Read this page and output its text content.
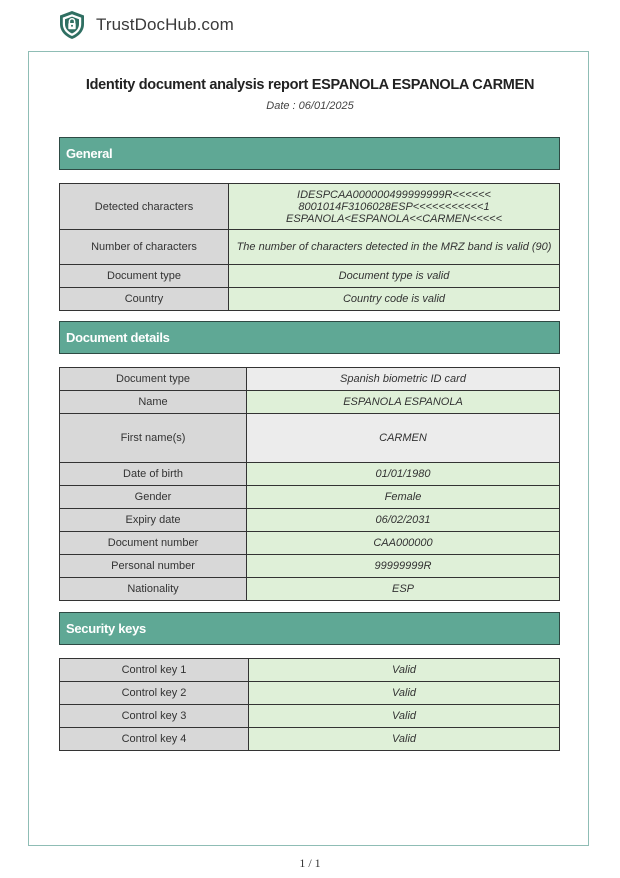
TrustDocHub.com
Identity document analysis report ESPANOLA ESPANOLA CARMEN
Date : 06/01/2025
General
Detected characters	IDESPCAA000000499999999R<<<<<<
8001014F3106028ESP<<<<<<<<<<<1
ESPANOLA<ESPANOLA<<CARMEN<<<<<

Number of characters	The number of characters detected in the MRZ band is valid (90)
Document type	Document type is valid
Country	Country code is valid
Document details
Document type	Spanish biometric ID card
Name	ESPANOLA ESPANOLA
First name(s)	CARMEN
Date of birth	01/01/1980
Gender	Female
Expiry date	06/02/2031
Document number	CAA000000
Personal number	99999999R
Nationality	ESP
Security keys
Control key 1	Valid
Control key 2	Valid
Control key 3	Valid
Control key 4	Valid
1 / 1
